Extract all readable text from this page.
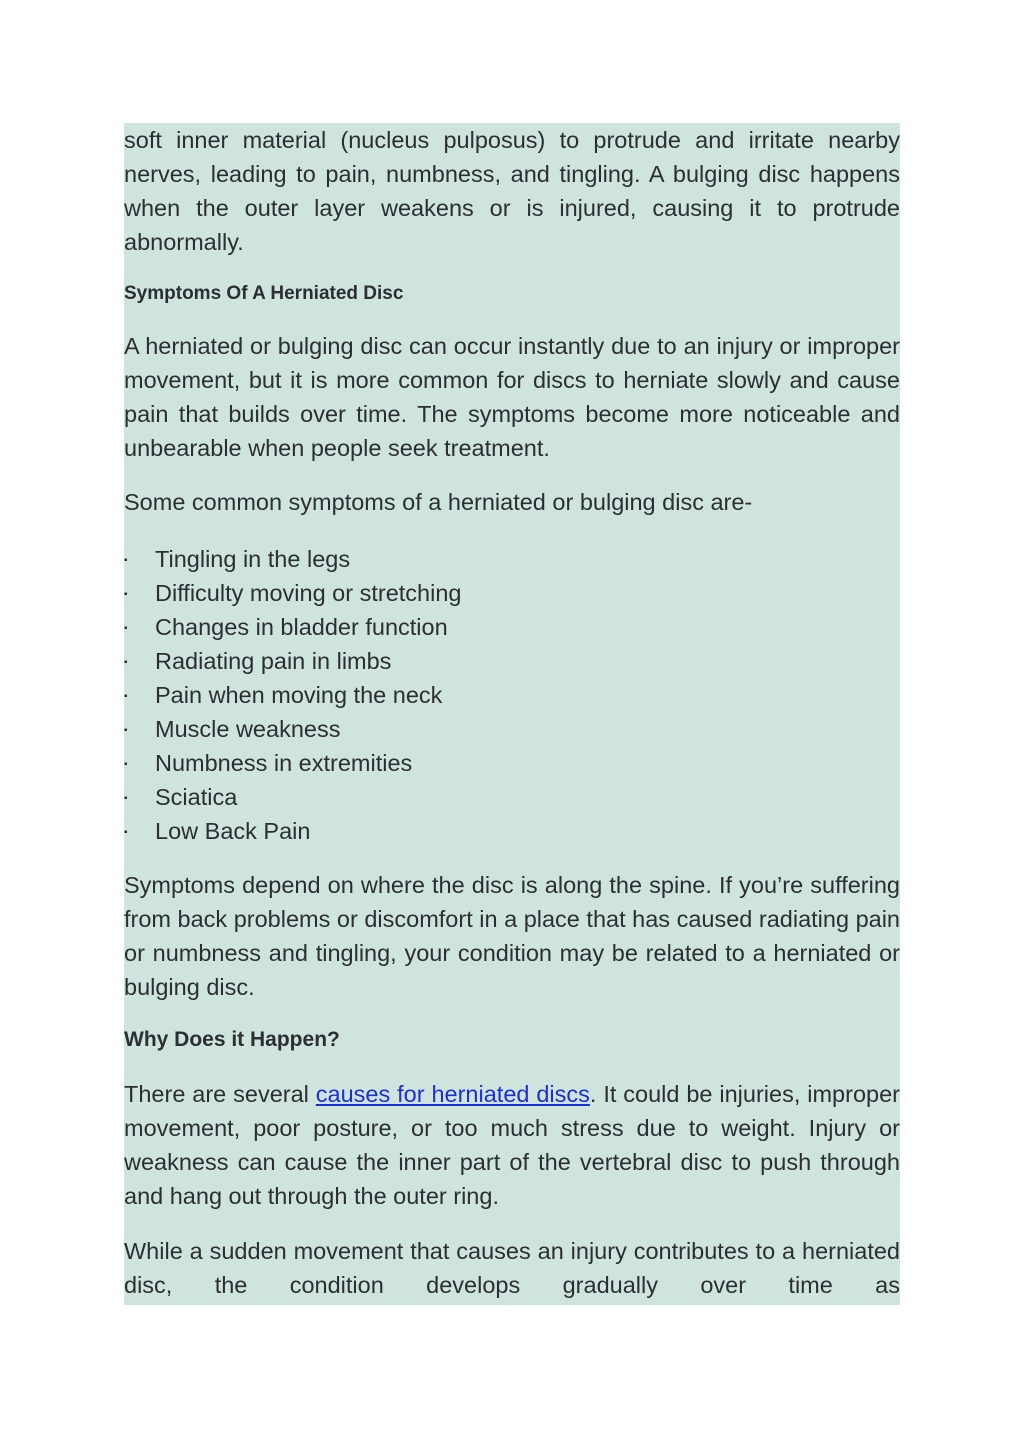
soft inner material (nucleus pulposus) to protrude and irritate nearby nerves, leading to pain, numbness, and tingling. A bulging disc happens when the outer layer weakens or is injured, causing it to protrude abnormally.

Symptoms Of A Herniated Disc

A herniated or bulging disc can occur instantly due to an injury or improper movement, but it is more common for discs to herniate slowly and cause pain that builds over time. The symptoms become more noticeable and unbearable when people seek treatment.

Some common symptoms of a herniated or bulging disc are-

▪ Tingling in the legs
▪ Difficulty moving or stretching
▪ Changes in bladder function
▪ Radiating pain in limbs
▪ Pain when moving the neck
▪ Muscle weakness
▪ Numbness in extremities
▪ Sciatica
▪ Low Back Pain

Symptoms depend on where the disc is along the spine. If you’re suffering from back problems or discomfort in a place that has caused radiating pain or numbness and tingling, your condition may be related to a herniated or bulging disc.

Why Does it Happen?

There are several causes for herniated discs. It could be injuries, improper movement, poor posture, or too much stress due to weight. Injury or weakness can cause the inner part of the vertebral disc to push through and hang out through the outer ring.

While a sudden movement that causes an injury contributes to a herniated disc, the condition develops gradually over time as
